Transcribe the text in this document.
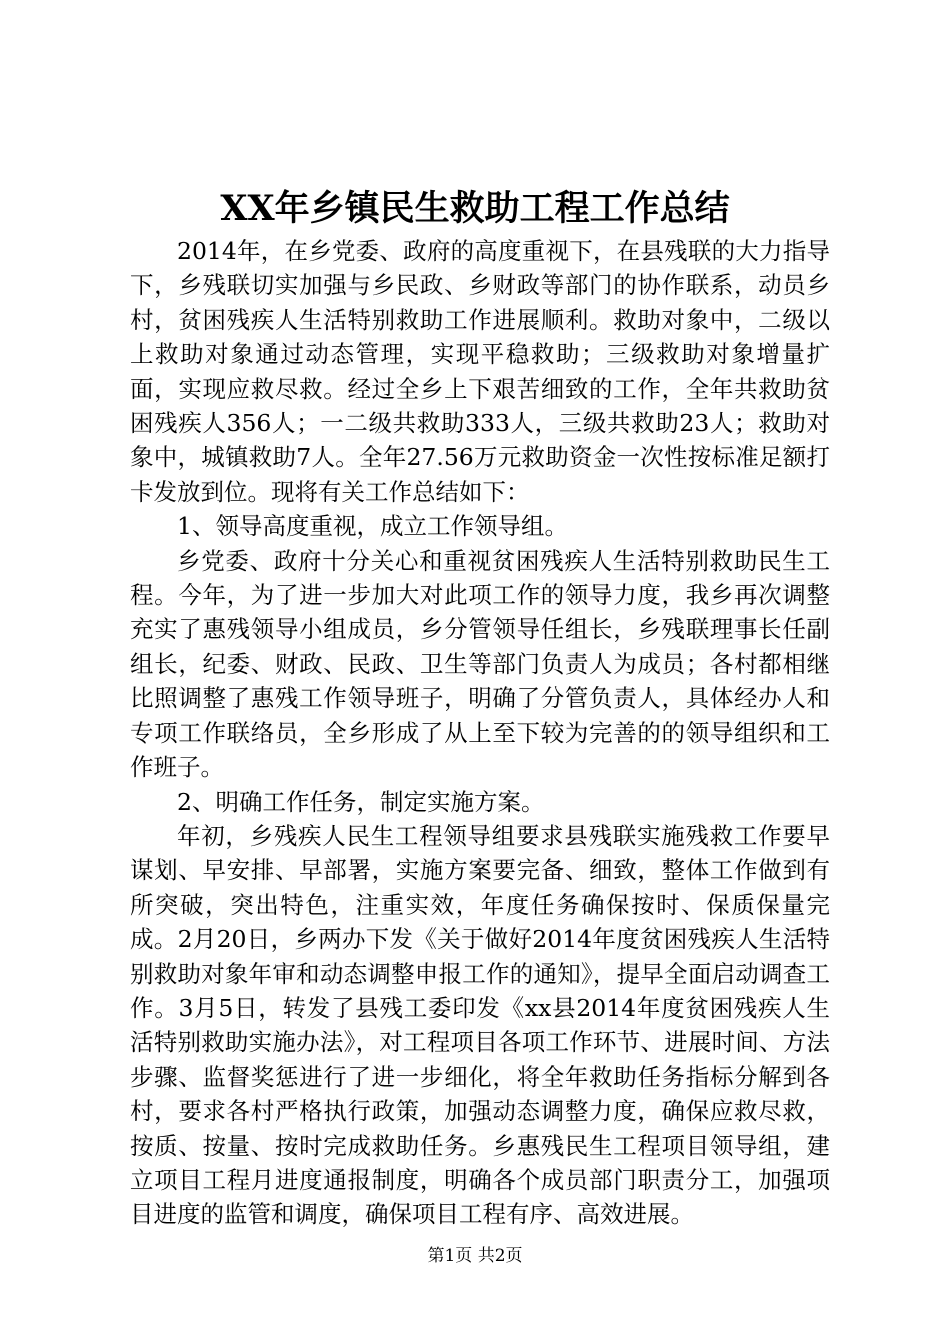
XX年乡镇民生救助工程工作总结

2014年，在乡党委、政府的高度重视下，在县残联的大力指导下，乡残联切实加强与乡民政、乡财政等部门的协作联系，动员乡村，贫困残疾人生活特别救助工作进展顺利。救助对象中，二级以上救助对象通过动态管理，实现平稳救助；三级救助对象增量扩面，实现应救尽救。经过全乡上下艰苦细致的工作，全年共救助贫困残疾人356人；一二级共救助333人，三级共救助23人；救助对象中，城镇救助7人。全年27.56万元救助资金一次性按标准足额打卡发放到位。现将有关工作总结如下：

1、领导高度重视，成立工作领导组。

乡党委、政府十分关心和重视贫困残疾人生活特别救助民生工程。今年，为了进一步加大对此项工作的领导力度，我乡再次调整充实了惠残领导小组成员，乡分管领导任组长，乡残联理事长任副组长，纪委、财政、民政、卫生等部门负责人为成员；各村都相继比照调整了惠残工作领导班子，明确了分管负责人，具体经办人和专项工作联络员，全乡形成了从上至下较为完善的的领导组织和工作班子。

2、明确工作任务，制定实施方案。

年初，乡残疾人民生工程领导组要求县残联实施残救工作要早谋划、早安排、早部署，实施方案要完备、细致，整体工作做到有所突破，突出特色，注重实效，年度任务确保按时、保质保量完成。2月20日，乡两办下发《关于做好2014年度贫困残疾人生活特别救助对象年审和动态调整申报工作的通知》，提早全面启动调查工作。3月5日，转发了县残工委印发《xx县2014年度贫困残疾人生活特别救助实施办法》，对工程项目各项工作环节、进展时间、方法步骤、监督奖惩进行了进一步细化，将全年救助任务指标分解到各村，要求各村严格执行政策，加强动态调整力度，确保应救尽救，按质、按量、按时完成救助任务。乡惠残民生工程项目领导组，建立项目工程月进度通报制度，明确各个成员部门职责分工，加强项目进度的监管和调度，确保项目工程有序、高效进展。

第1页 共2页
